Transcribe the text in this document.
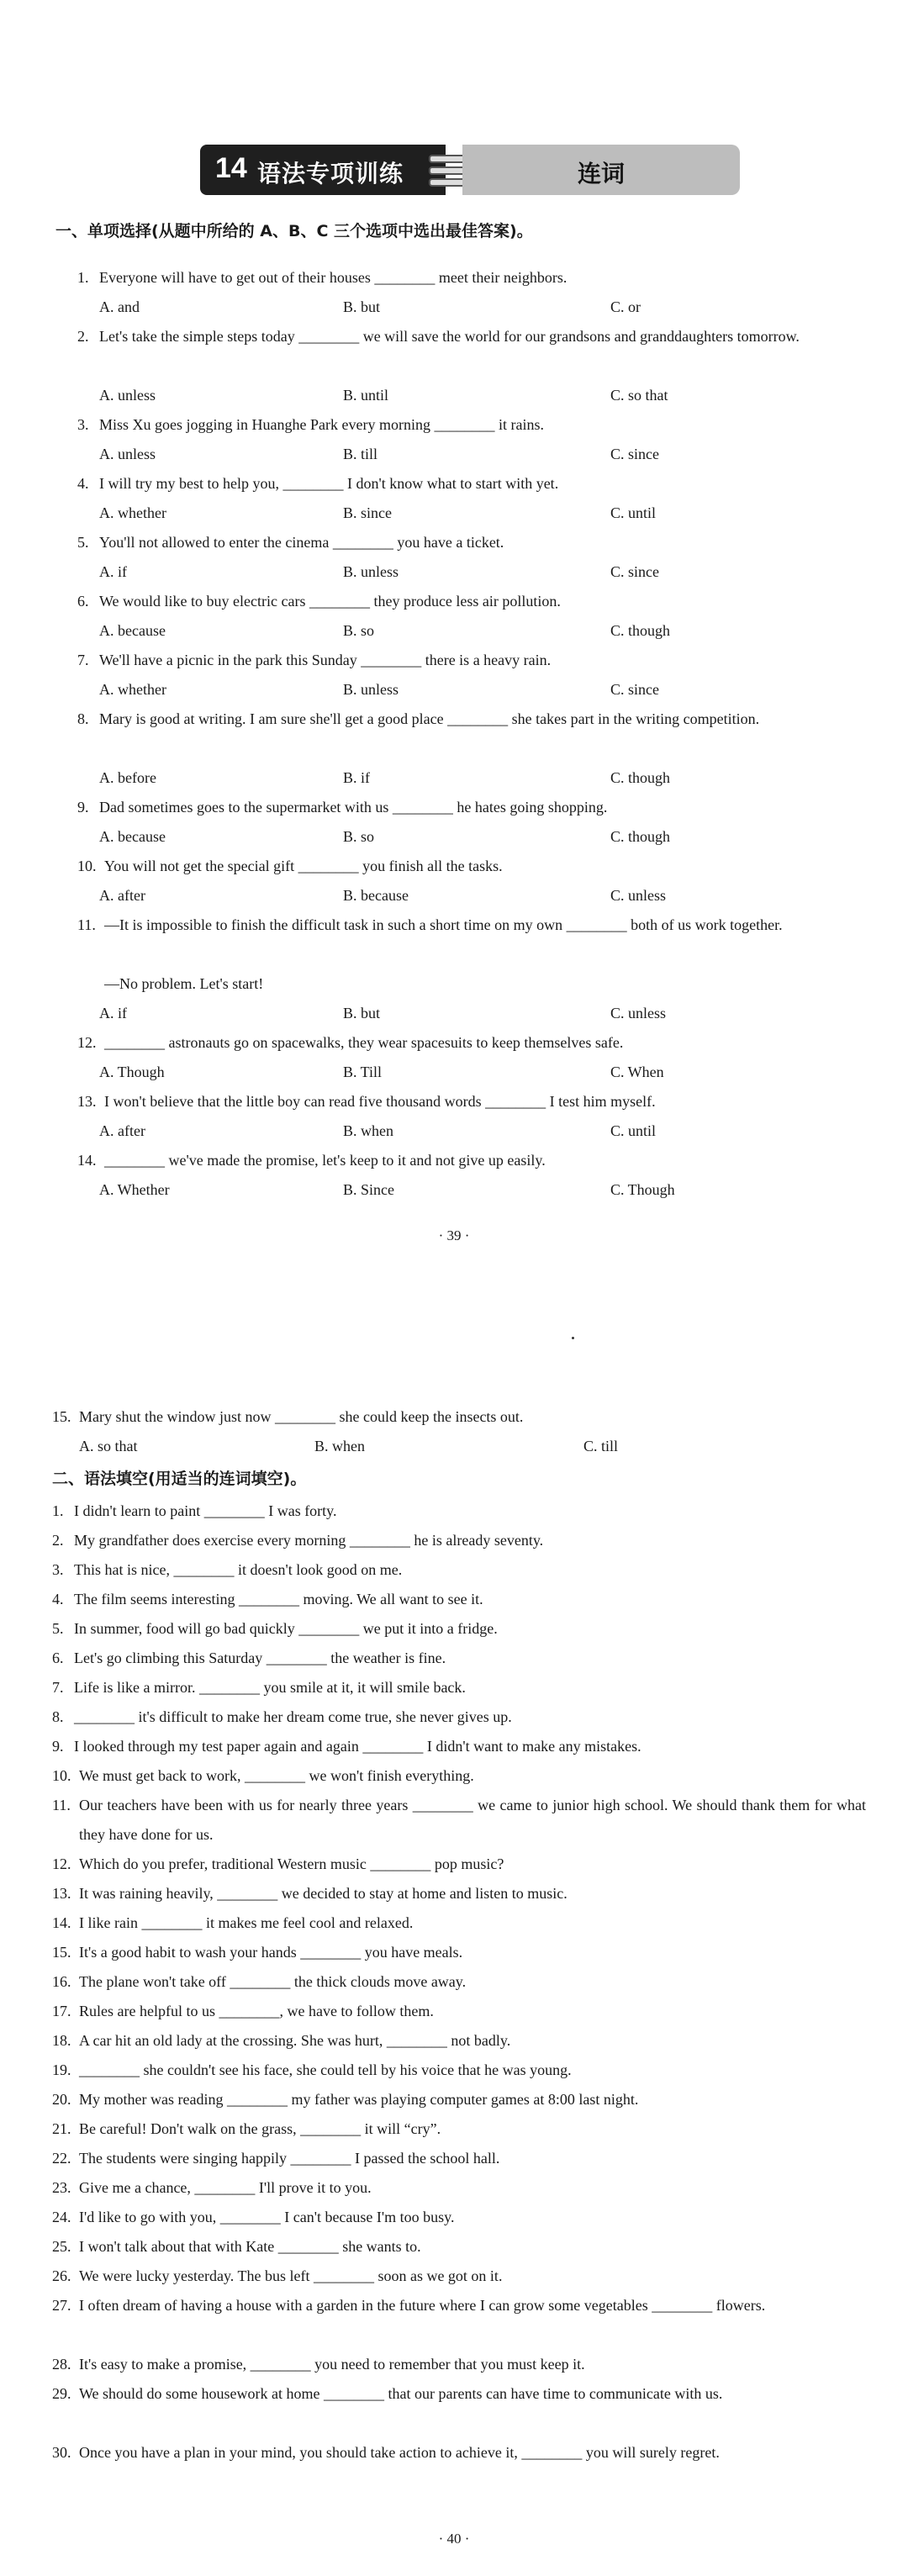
14 语法专项训练	连词
一、单项选择(从题中所给的 A、B、C 三个选项中选出最佳答案)。
1. Everyone will have to get out of their houses ________ meet their neighbors.
A. and	B. but	C. or
2. Let's take the simple steps today ________ we will save the world for our grandsons and granddaughters tomorrow.
A. unless	B. until	C. so that
3. Miss Xu goes jogging in Huanghe Park every morning ________ it rains.
A. unless	B. till	C. since
4. I will try my best to help you, ________ I don't know what to start with yet.
A. whether	B. since	C. until
5. You'll not allowed to enter the cinema ________ you have a ticket.
A. if	B. unless	C. since
6. We would like to buy electric cars ________ they produce less air pollution.
A. because	B. so	C. though
7. We'll have a picnic in the park this Sunday ________ there is a heavy rain.
A. whether	B. unless	C. since
8. Mary is good at writing. I am sure she'll get a good place ________ she takes part in the writing competition.
A. before	B. if	C. though
9. Dad sometimes goes to the supermarket with us ________ he hates going shopping.
A. because	B. so	C. though
10. You will not get the special gift ________ you finish all the tasks.
A. after	B. because	C. unless
11. —It is impossible to finish the difficult task in such a short time on my own ________ both of us work together.
—No problem. Let's start!
A. if	B. but	C. unless
12. ________ astronauts go on spacewalks, they wear spacesuits to keep themselves safe.
A. Though	B. Till	C. When
13. I won't believe that the little boy can read five thousand words ________ I test him myself.
A. after	B. when	C. until
14. ________ we've made the promise, let's keep to it and not give up easily.
A. Whether	B. Since	C. Though
· 39 ·
15. Mary shut the window just now ________ she could keep the insects out.
A. so that	B. when	C. till
二、语法填空(用适当的连词填空)。
1. I didn't learn to paint ________ I was forty.
2. My grandfather does exercise every morning ________ he is already seventy.
3. This hat is nice, ________ it doesn't look good on me.
4. The film seems interesting ________ moving. We all want to see it.
5. In summer, food will go bad quickly ________ we put it into a fridge.
6. Let's go climbing this Saturday ________ the weather is fine.
7. Life is like a mirror. ________ you smile at it, it will smile back.
8. ________ it's difficult to make her dream come true, she never gives up.
9. I looked through my test paper again and again ________ I didn't want to make any mistakes.
10. We must get back to work, ________ we won't finish everything.
11. Our teachers have been with us for nearly three years ________ we came to junior high school. We should thank them for what they have done for us.
12. Which do you prefer, traditional Western music ________ pop music?
13. It was raining heavily, ________ we decided to stay at home and listen to music.
14. I like rain ________ it makes me feel cool and relaxed.
15. It's a good habit to wash your hands ________ you have meals.
16. The plane won't take off ________ the thick clouds move away.
17. Rules are helpful to us ________, we have to follow them.
18. A car hit an old lady at the crossing. She was hurt, ________ not badly.
19. ________ she couldn't see his face, she could tell by his voice that he was young.
20. My mother was reading ________ my father was playing computer games at 8:00 last night.
21. Be careful! Don't walk on the grass, ________ it will “cry”.
22. The students were singing happily ________ I passed the school hall.
23. Give me a chance, ________ I'll prove it to you.
24. I'd like to go with you, ________ I can't because I'm too busy.
25. I won't talk about that with Kate ________ she wants to.
26. We were lucky yesterday. The bus left ________ soon as we got on it.
27. I often dream of having a house with a garden in the future where I can grow some vegetables ________ flowers.
28. It's easy to make a promise, ________ you need to remember that you must keep it.
29. We should do some housework at home ________ that our parents can have time to communicate with us.
30. Once you have a plan in your mind, you should take action to achieve it, ________ you will surely regret.
· 40 ·
